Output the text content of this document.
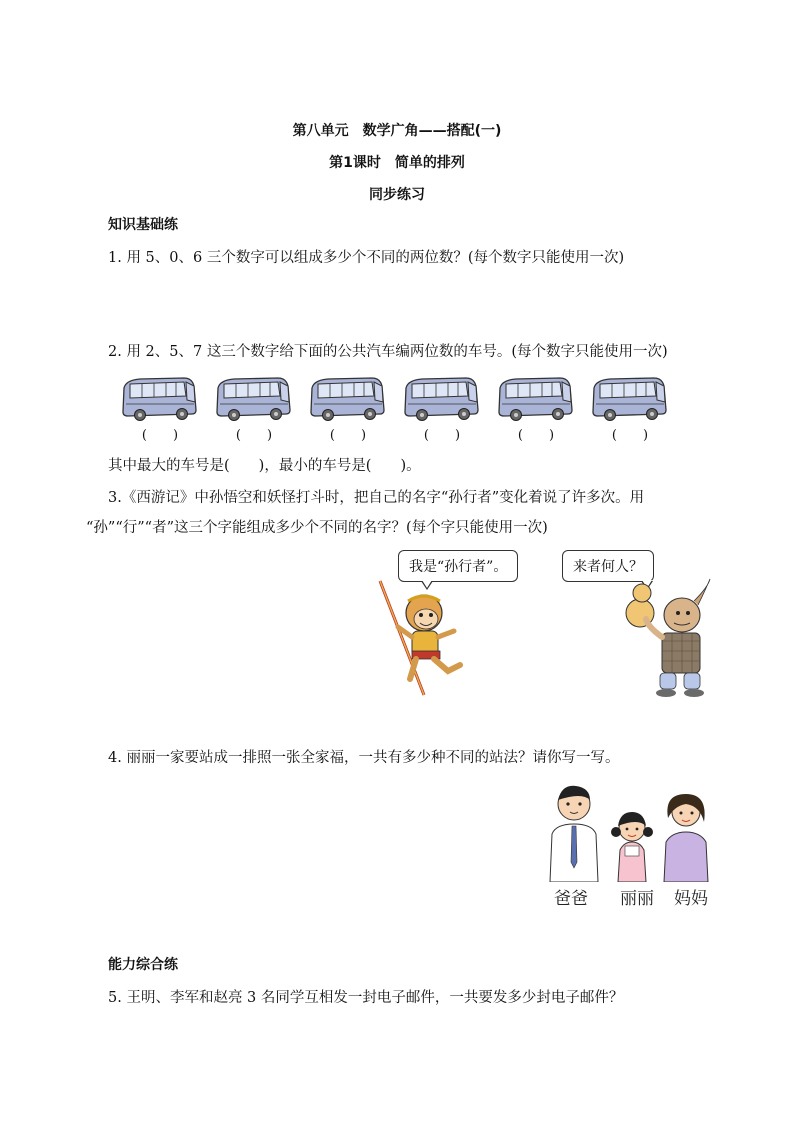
第八单元　数学广角——搭配(一)
第1课时　简单的排列
同步练习
知识基础练
1. 用 5、0、6 三个数字可以组成多少个不同的两位数？(每个数字只能使用一次)
2. 用 2、5、7 这三个数字给下面的公共汽车编两位数的车号。(每个数字只能使用一次)
(　　)	(　　)	(　　)	(　　)	(　　)	(　　)
其中最大的车号是(　　)，最小的车号是(　　)。
3.《西游记》中孙悟空和妖怪打斗时，把自己的名字“孙行者”变化着说了许多次。用
“孙”“行”“者”这三个字能组成多少个不同的名字？(每个字只能使用一次)
我是“孙行者”。	来者何人？
4. 丽丽一家要站成一排照一张全家福，一共有多少种不同的站法？请你写一写。
爸爸 丽丽 妈妈
能力综合练
5. 王明、李军和赵亮 3 名同学互相发一封电子邮件，一共要发多少封电子邮件？
